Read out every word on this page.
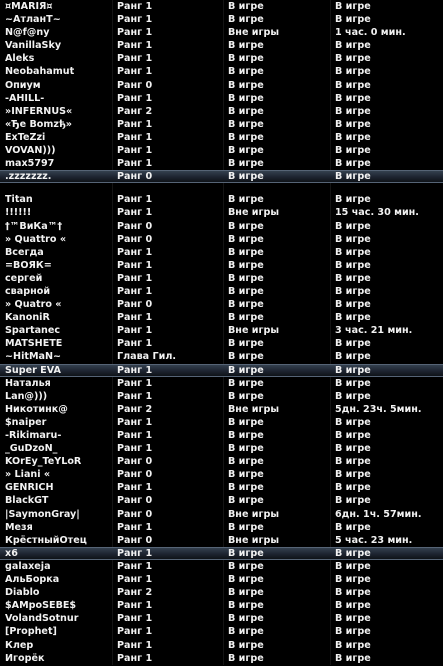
¤MARIЯ¤	Ранг 1	В игре	В игре
~АтланТ~	Ранг 1	В игре	В игре
N@f@ny	Ранг 1	Вне игры	1 час. 0 мин.
VanillaSky	Ранг 1	В игре	В игре
Aleks	Ранг 1	В игре	В игре
Neobahamut	Ранг 1	В игре	В игре
Опиум	Ранг 0	В игре	В игре
-AHILL-	Ранг 1	В игре	В игре
»INFERNUS«	Ранг 2	В игре	В игре
«Ђe Bomzђ»	Ранг 1	В игре	В игре
ExTeZzi	Ранг 1	В игре	В игре
VOVAN)))	Ранг 1	В игре	В игре
max5797	Ранг 1	В игре	В игре
.zzzzzzz.	Ранг 0	В игре	В игре
Titan	Ранг 1	В игре	В игре
!!!!!!	Ранг 1	Вне игры	15 час. 30 мин.
†™ВиКа™†	Ранг 0	В игре	В игре
» Quattro «	Ранг 0	В игре	В игре
Всегда	Ранг 1	В игре	В игре
=ВОЯК=	Ранг 1	В игре	В игре
сергей	Ранг 1	В игре	В игре
сварной	Ранг 1	В игре	В игре
» Quatro «	Ранг 0	В игре	В игре
KanoniR	Ранг 1	В игре	В игре
Spartanec	Ранг 1	Вне игры	3 час. 21 мин.
MATSHETE	Ранг 1	В игре	В игре
~HitMaN~	Глава Гил.	В игре	В игре
Super EVA	Ранг 1	В игре	В игре
Наталья	Ранг 1	В игре	В игре
Lan@)))	Ранг 1	В игре	В игре
Никотинк@	Ранг 2	Вне игры	5дн. 23ч. 5мин.
$naiper	Ранг 1	В игре	В игре
-Rikimaru-	Ранг 1	В игре	В игре
_GuDzoN_	Ранг 1	В игре	В игре
KOrEy_TeYLoR	Ранг 0	В игре	В игре
» Liani «	Ранг 0	В игре	В игре
GENRICH	Ранг 1	В игре	В игре
BlackGT	Ранг 0	В игре	В игре
|SaymonGray|	Ранг 0	Вне игры	6дн. 1ч. 57мин.
Мезя	Ранг 1	В игре	В игре
КрёстныйОтец	Ранг 0	Вне игры	5 час. 23 мин.
x6	Ранг 1	В игре	В игре
galaxeja	Ранг 1	В игре	В игре
АльБорка	Ранг 1	В игре	В игре
Diablo	Ранг 2	В игре	В игре
$AMpoSEBE$	Ранг 1	В игре	В игре
VolandSotnur	Ранг 1	В игре	В игре
[Prophet]	Ранг 1	В игре	В игре
Клер	Ранг 1	В игре	В игре
Игорёк	Ранг 1	В игре	В игре
